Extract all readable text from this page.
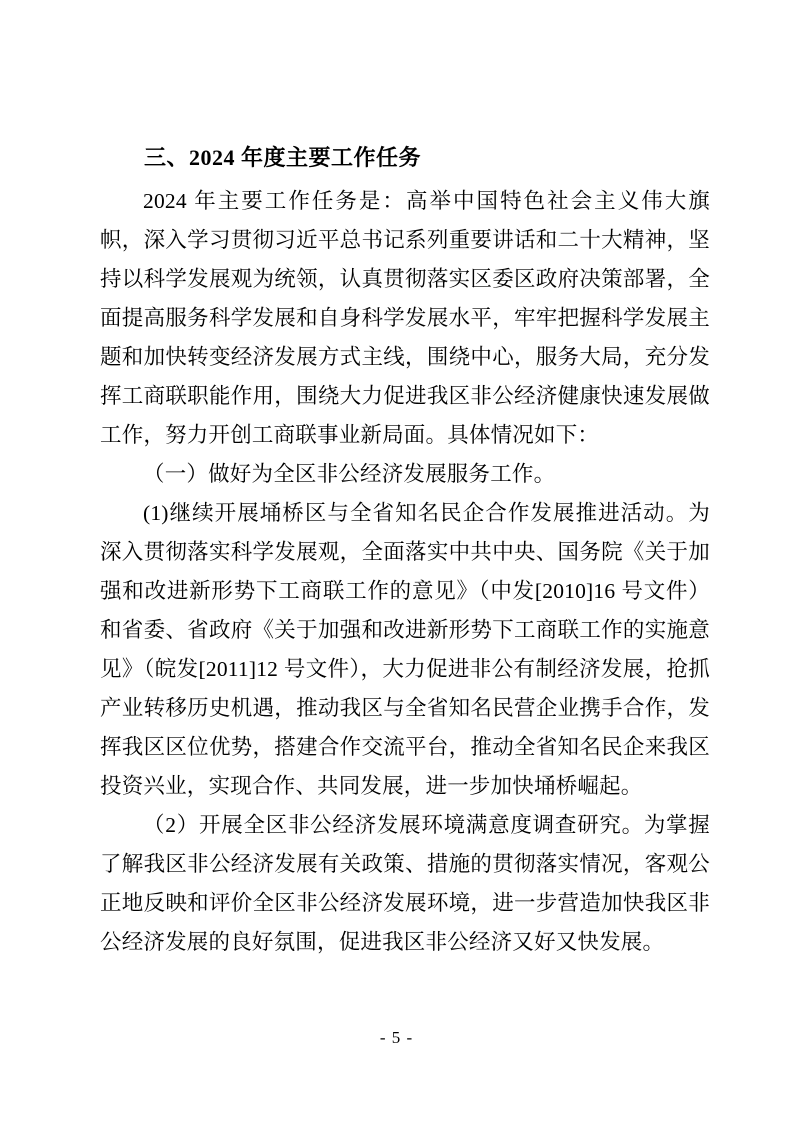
三、2024 年度主要工作任务

2024 年主要工作任务是：高举中国特色社会主义伟大旗帜，深入学习贯彻习近平总书记系列重要讲话和二十大精神，坚持以科学发展观为统领，认真贯彻落实区委区政府决策部署，全面提高服务科学发展和自身科学发展水平，牢牢把握科学发展主题和加快转变经济发展方式主线，围绕中心，服务大局，充分发挥工商联职能作用，围绕大力促进我区非公经济健康快速发展做工作，努力开创工商联事业新局面。具体情况如下：

（一）做好为全区非公经济发展服务工作。

(1)继续开展埇桥区与全省知名民企合作发展推进活动。为深入贯彻落实科学发展观，全面落实中共中央、国务院《关于加强和改进新形势下工商联工作的意见》（中发[2010]16 号文件）和省委、省政府《关于加强和改进新形势下工商联工作的实施意见》（皖发[2011]12 号文件），大力促进非公有制经济发展，抢抓产业转移历史机遇，推动我区与全省知名民营企业携手合作，发挥我区区位优势，搭建合作交流平台，推动全省知名民企来我区投资兴业，实现合作、共同发展，进一步加快埇桥崛起。

（2）开展全区非公经济发展环境满意度调查研究。为掌握了解我区非公经济发展有关政策、措施的贯彻落实情况，客观公正地反映和评价全区非公经济发展环境，进一步营造加快我区非公经济发展的良好氛围，促进我区非公经济又好又快发展。

- 5 -
